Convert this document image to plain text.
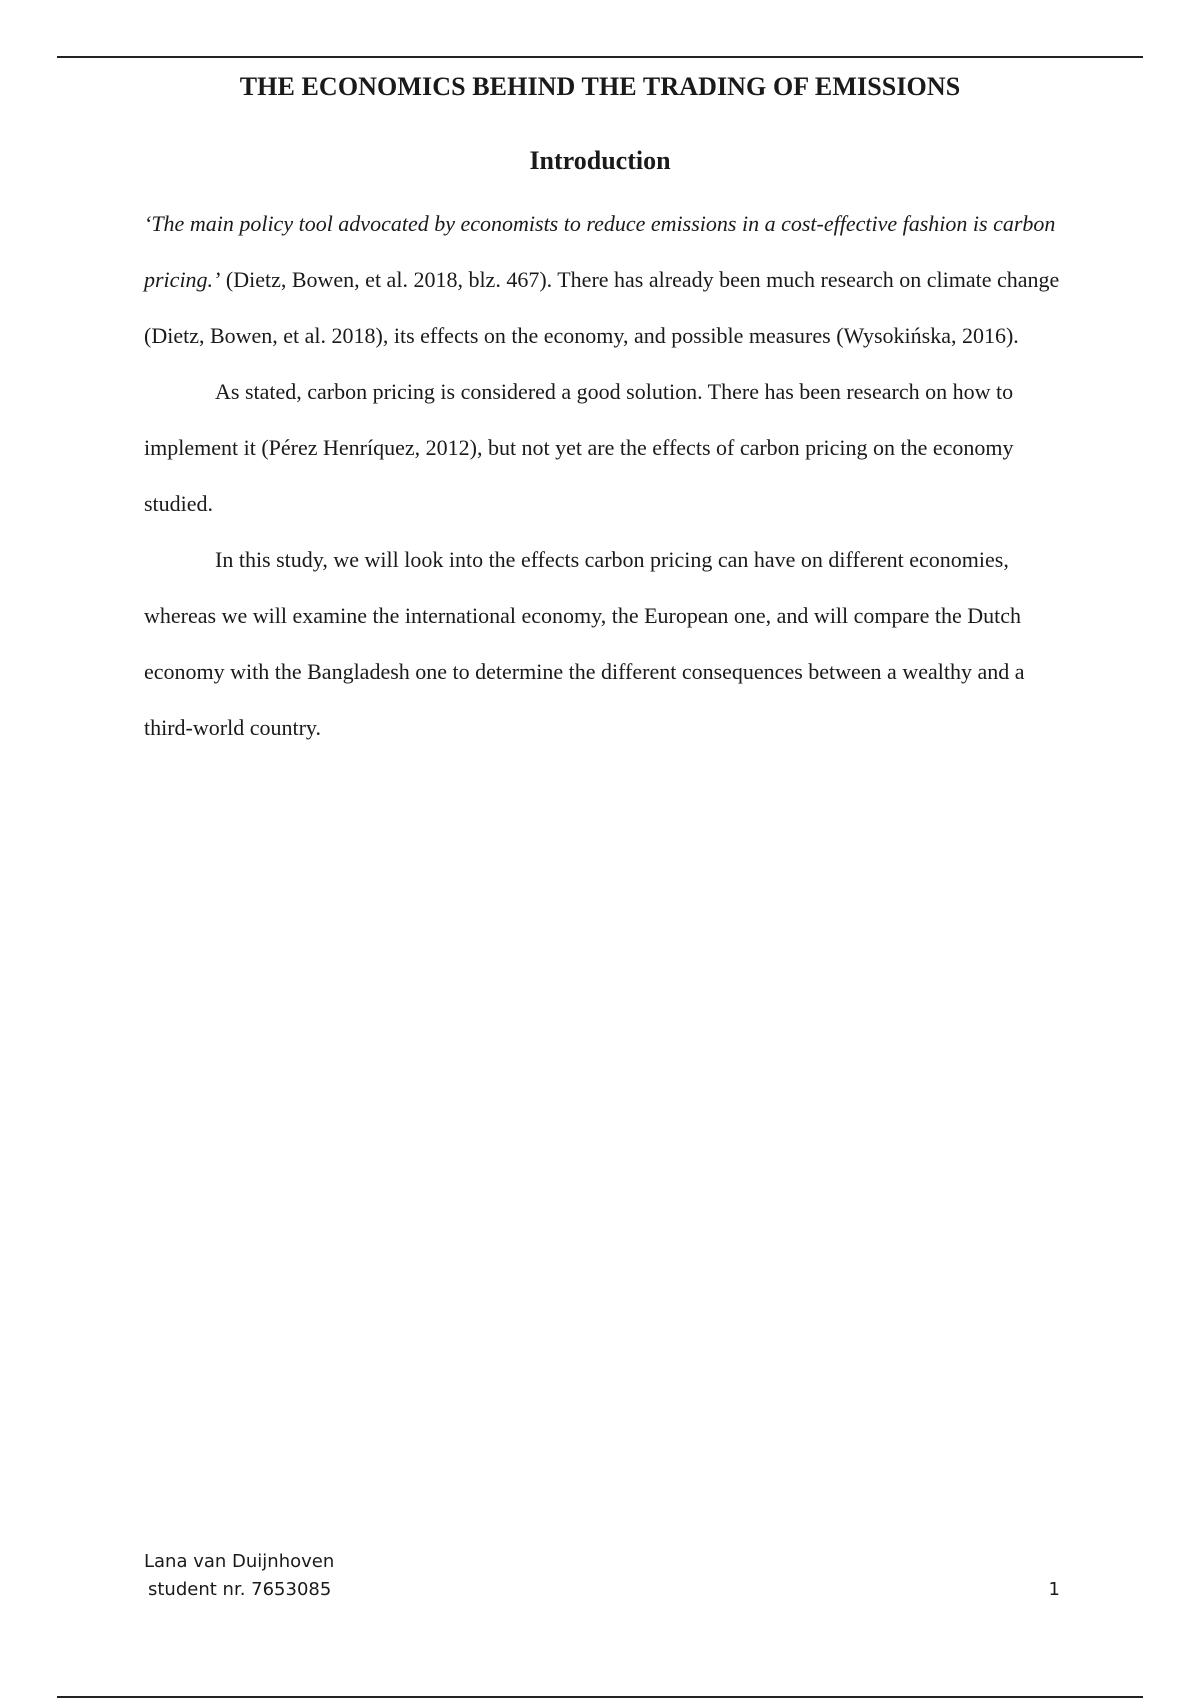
THE ECONOMICS BEHIND THE TRADING OF EMISSIONS
Introduction

‘The main policy tool advocated by economists to reduce emissions in a cost-effective fashion is carbon pricing.’ (Dietz, Bowen, et al. 2018, blz. 467). There has already been much research on climate change (Dietz, Bowen, et al. 2018), its effects on the economy, and possible measures (Wysokińska, 2016).

As stated, carbon pricing is considered a good solution. There has been research on how to implement it (Pérez Henríquez, 2012), but not yet are the effects of carbon pricing on the economy studied.

In this study, we will look into the effects carbon pricing can have on different economies, whereas we will examine the international economy, the European one, and will compare the Dutch economy with the Bangladesh one to determine the different consequences between a wealthy and a third-world country.

Lana van Duijnhoven
student nr. 7653085	1
